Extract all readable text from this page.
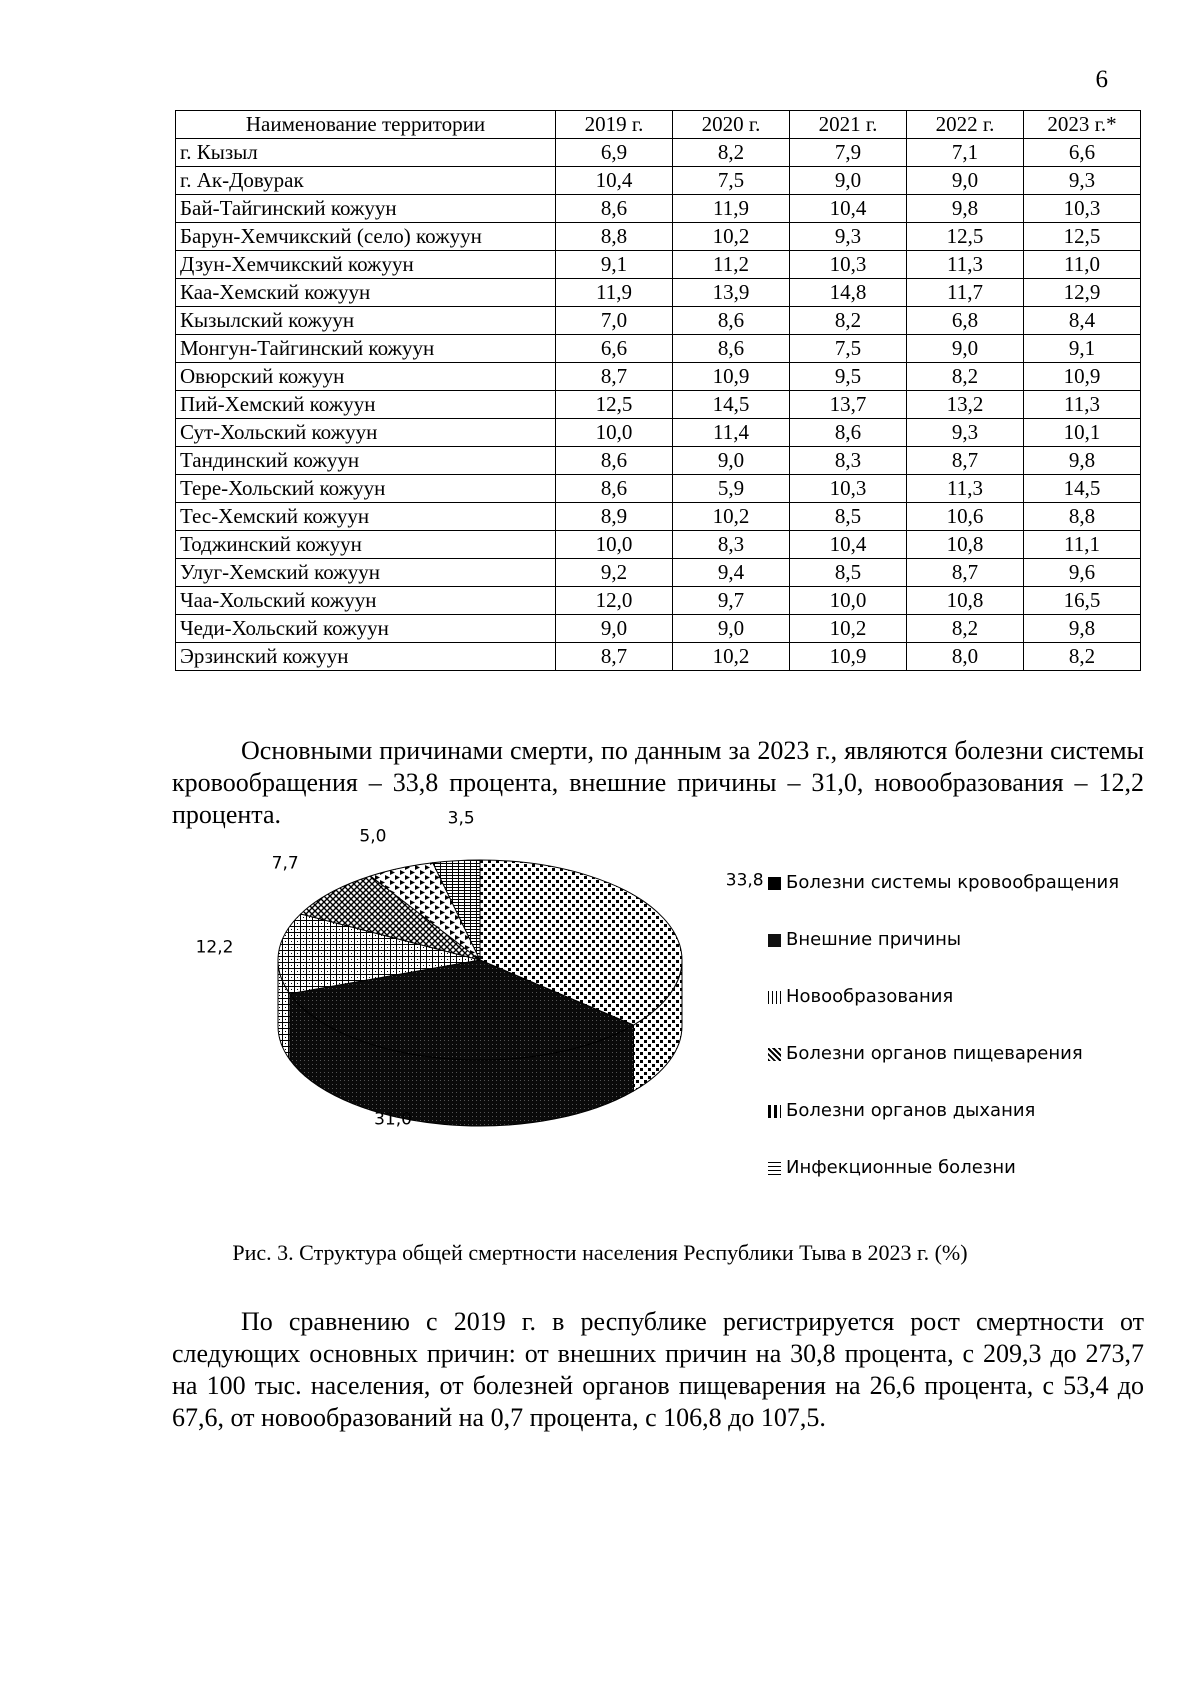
6
Наименование территории	2019 г.	2020 г.	2021 г.	2022 г.	2023 г.*
г. Кызыл	6,9	8,2	7,9	7,1	6,6
г. Ак-Довурак	10,4	7,5	9,0	9,0	9,3
Бай-Тайгинский кожуун	8,6	11,9	10,4	9,8	10,3
Барун-Хемчикский (село) кожуун	8,8	10,2	9,3	12,5	12,5
Дзун-Хемчикский кожуун	9,1	11,2	10,3	11,3	11,0
Каа-Хемский кожуун	11,9	13,9	14,8	11,7	12,9
Кызылский кожуун	7,0	8,6	8,2	6,8	8,4
Монгун-Тайгинский кожуун	6,6	8,6	7,5	9,0	9,1
Овюрский кожуун	8,7	10,9	9,5	8,2	10,9
Пий-Хемский кожуун	12,5	14,5	13,7	13,2	11,3
Сут-Хольский кожуун	10,0	11,4	8,6	9,3	10,1
Тандинский кожуун	8,6	9,0	8,3	8,7	9,8
Тере-Хольский кожуун	8,6	5,9	10,3	11,3	14,5
Тес-Хемский кожуун	8,9	10,2	8,5	10,6	8,8
Тоджинский кожуун	10,0	8,3	10,4	10,8	11,1
Улуг-Хемский кожуун	9,2	9,4	8,5	8,7	9,6
Чаа-Хольский кожуун	12,0	9,7	10,0	10,8	16,5
Чеди-Хольский кожуун	9,0	9,0	10,2	8,2	9,8
Эрзинский кожуун	8,7	10,2	10,9	8,0	8,2

Основными причинами смерти, по данным за 2023 г., являются болезни системы кровообращения – 33,8 процента, внешние причины – 31,0, новообразования – 12,2 процента.

33,8
31,0
12,2
7,7
5,0
3,5
Болезни системы кровообращения
Внешние причины
Новообразования
Болезни органов пищеварения
Болезни органов дыхания
Инфекционные болезни
Рис. 3. Структура общей смертности населения Республики Тыва в 2023 г. (%)

По сравнению с 2019 г. в республике регистрируется рост смертности от следующих основных причин: от внешних причин на 30,8 процента, с 209,3 до 273,7 на 100 тыс. населения, от болезней органов пищеварения на 26,6 процента, с 53,4 до 67,6, от новообразований на 0,7 процента, с 106,8 до 107,5.
